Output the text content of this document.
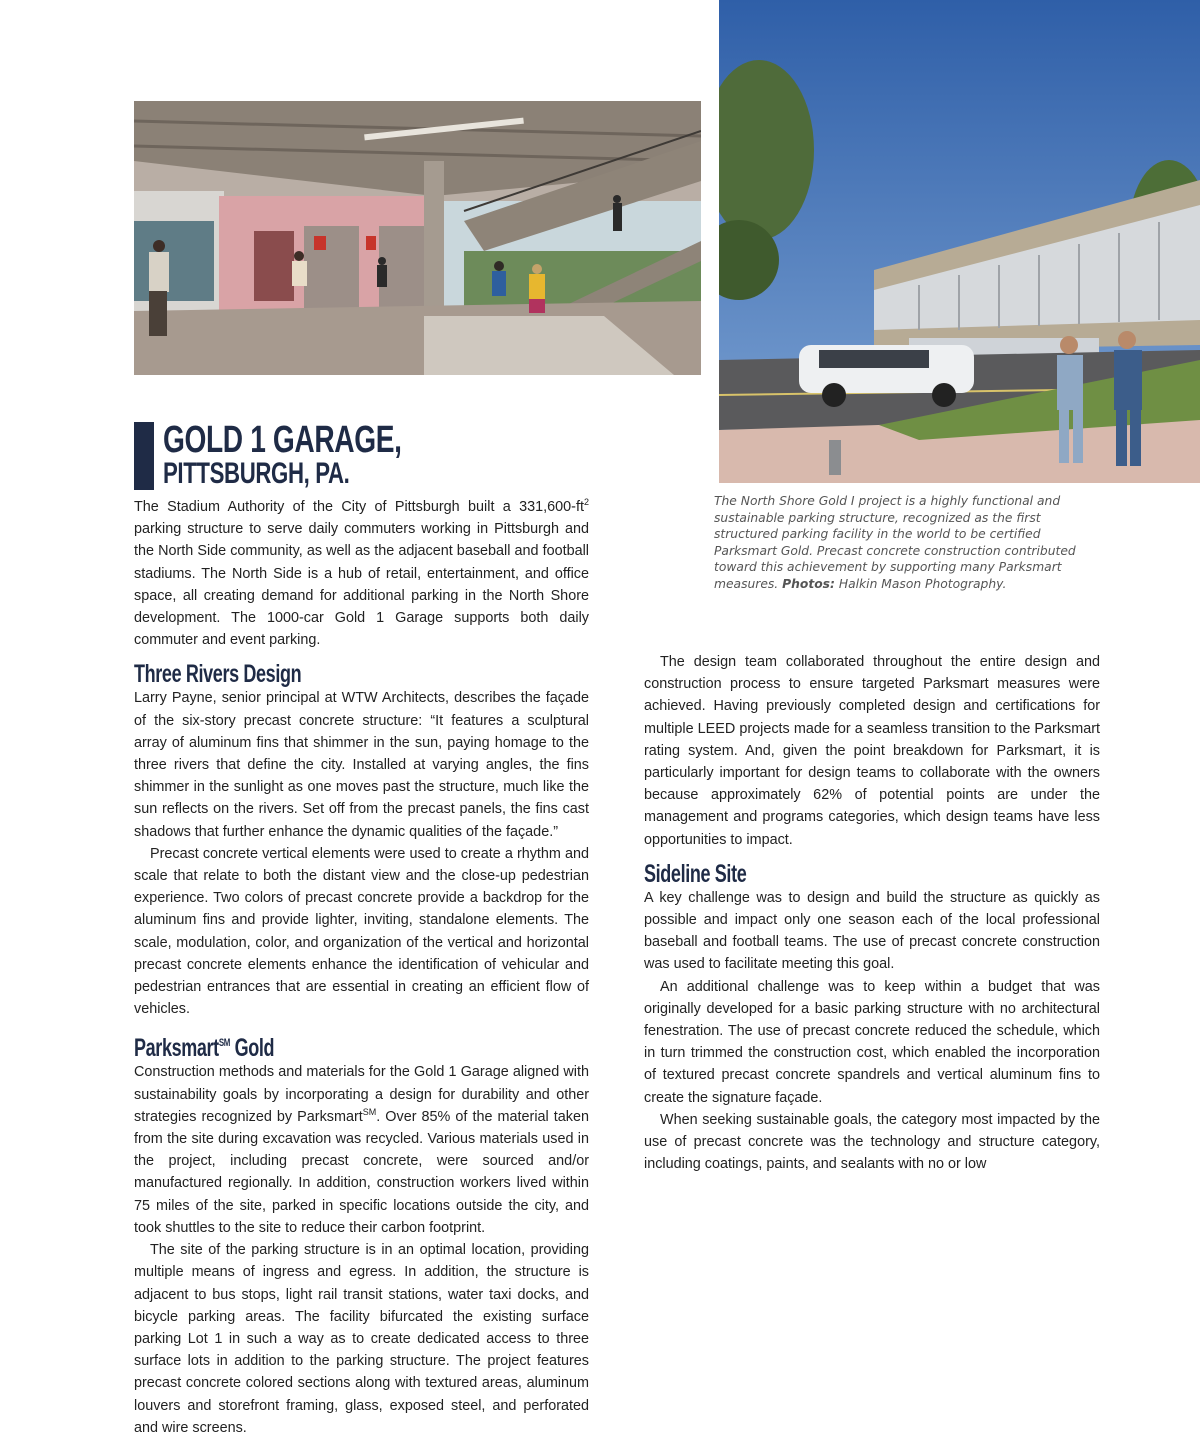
GOLD 1 GARAGE,
PITTSBURGH, PA.

The Stadium Authority of the City of Pittsburgh built a $331,600-ft^2$ parking structure to serve daily commuters working in Pittsburgh and the North Side community, as well as the adjacent baseball and football stadiums. The North Side is a hub of retail, entertainment, and office space, all creating demand for additional parking in the North Shore development. The 1000-car Gold 1 Garage supports both daily commuter and event parking.

Three Rivers Design

Larry Payne, senior principal at WTW Architects, describes the façade of the six-story precast concrete structure: “It features a sculptural array of aluminum fins that shimmer in the sun, paying homage to the three rivers that define the city. Installed at varying angles, the fins shimmer in the sunlight as one moves past the structure, much like the sun reflects on the rivers. Set off from the precast panels, the fins cast shadows that further enhance the dynamic qualities of the façade.”

Precast concrete vertical elements were used to create a rhythm and scale that relate to both the distant view and the close-up pedestrian experience. Two colors of precast concrete provide a backdrop for the aluminum fins and provide lighter, inviting, standalone elements. The scale, modulation, color, and organization of the vertical and horizontal precast concrete elements enhance the identification of vehicular and pedestrian entrances that are essential in creating an efficient flow of vehicles.

Parksmart℠ Gold

Construction methods and materials for the Gold 1 Garage aligned with sustainability goals by incorporating a design for durability and other strategies recognized by Parksmart℠. Over 85% of the material taken from the site during excavation was recycled. Various materials used in the project, including precast concrete, were sourced and/or manufactured regionally. In addition, construction workers lived within 75 miles of the site, parked in specific locations outside the city, and took shuttles to the site to reduce their carbon footprint.

The site of the parking structure is in an optimal location, providing multiple means of ingress and egress. In addition, the structure is adjacent to bus stops, light rail transit stations, water taxi docks, and bicycle parking areas. The facility bifurcated the existing surface parking Lot 1 in such a way as to create dedicated access to three surface lots in addition to the parking structure. The project features precast concrete colored sections along with textured areas, aluminum louvers and storefront framing, glass, exposed steel, and perforated and wire screens.

The North Shore Gold I project is a highly functional and sustainable parking structure, recognized as the first structured parking facility in the world to be certified Parksmart Gold. Precast concrete construction contributed toward this achievement by supporting many Parksmart measures. Photos: Halkin Mason Photography.

The design team collaborated throughout the entire design and construction process to ensure targeted Parksmart measures were achieved. Having previously completed design and certifications for multiple LEED projects made for a seamless transition to the Parksmart rating system. And, given the point breakdown for Parksmart, it is particularly important for design teams to collaborate with the owners because approximately 62% of potential points are under the management and programs categories, which design teams have less opportunities to impact.

Sideline Site

A key challenge was to design and build the structure as quickly as possible and impact only one season each of the local professional baseball and football teams. The use of precast concrete construction was used to facilitate meeting this goal.

An additional challenge was to keep within a budget that was originally developed for a basic parking structure with no architectural fenestration. The use of precast concrete reduced the schedule, which in turn trimmed the construction cost, which enabled the incorporation of textured precast concrete spandrels and vertical aluminum fins to create the signature façade.

When seeking sustainable goals, the category most impacted by the use of precast concrete was the technology and structure category, including coatings, paints, and sealants with no or low
